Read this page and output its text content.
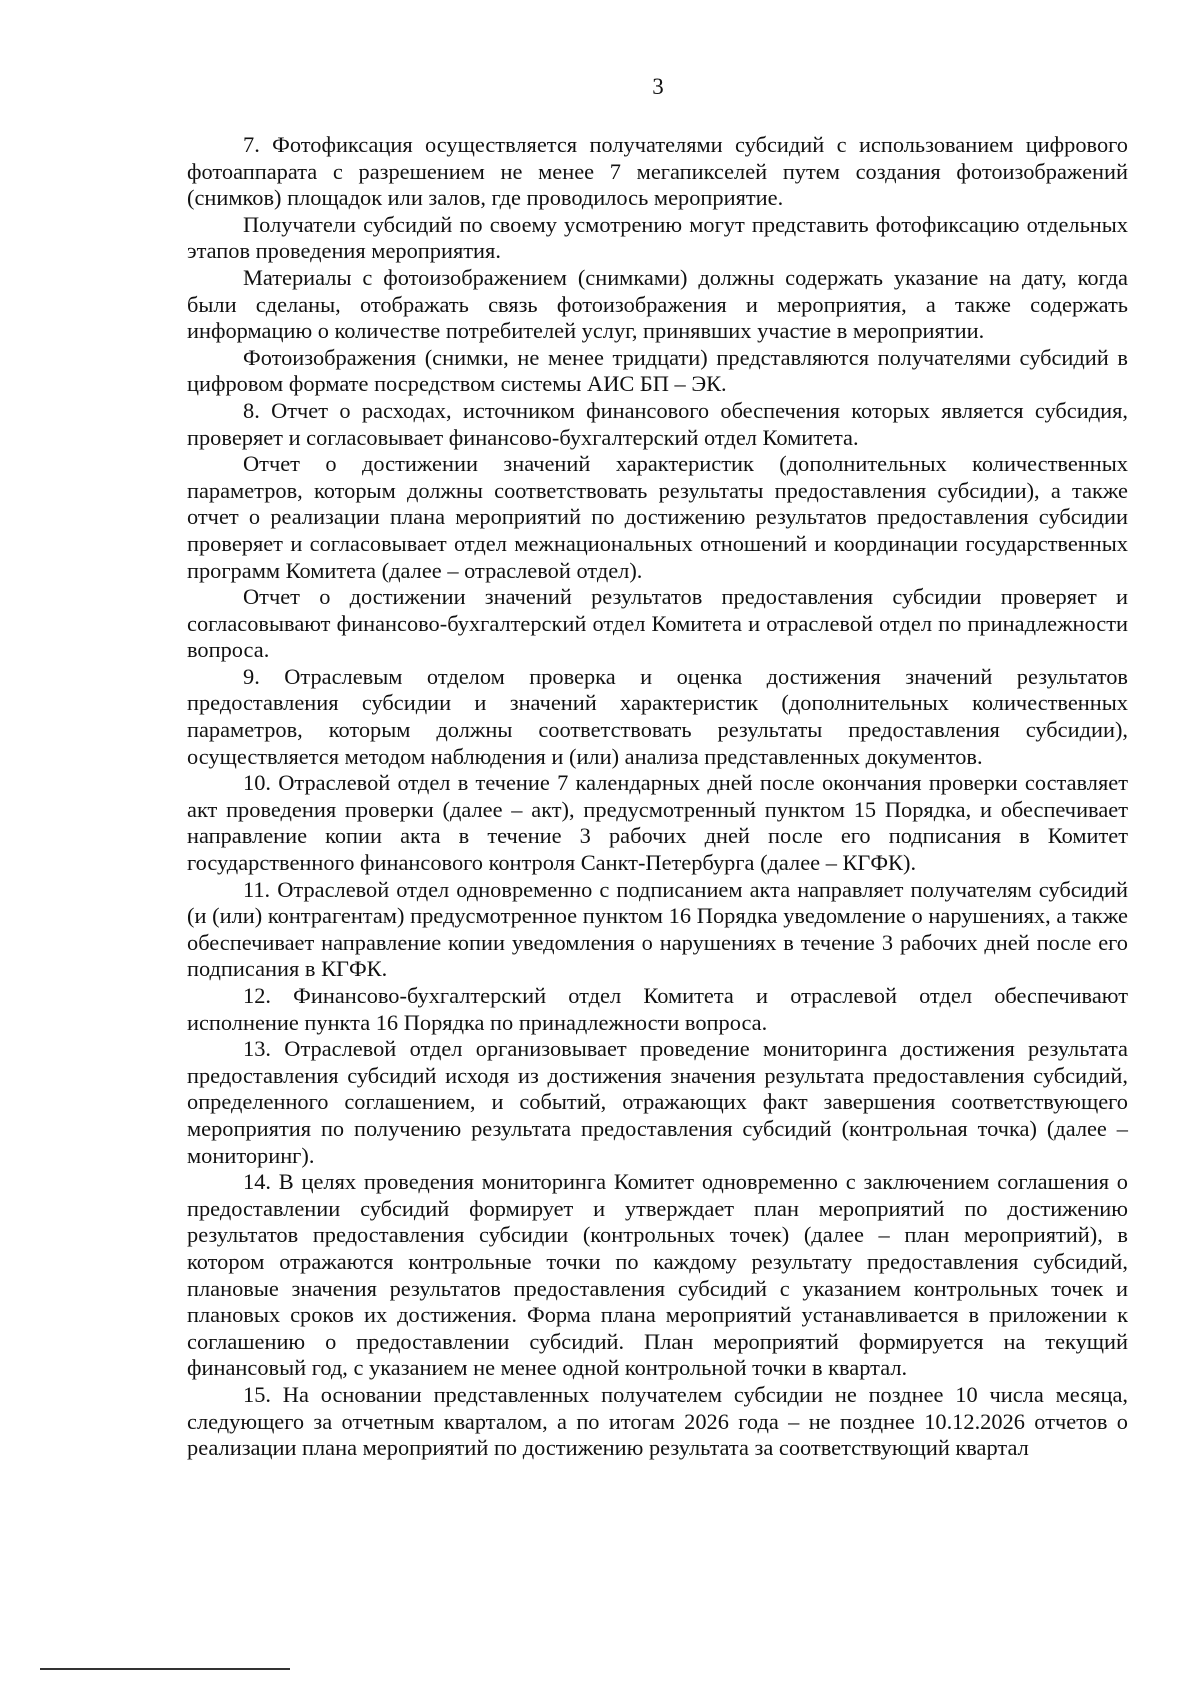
3

7. Фотофиксация осуществляется получателями субсидий с использованием цифрового фотоаппарата с разрешением не менее 7 мегапикселей путем создания фотоизображений (снимков) площадок или залов, где проводилось мероприятие.

Получатели субсидий по своему усмотрению могут представить фотофиксацию отдельных этапов проведения мероприятия.

Материалы с фотоизображением (снимками) должны содержать указание на дату, когда были сделаны, отображать связь фотоизображения и мероприятия, а также содержать информацию о количестве потребителей услуг, принявших участие в мероприятии.

Фотоизображения (снимки, не менее тридцати) представляются получателями субсидий в цифровом формате посредством системы АИС БП – ЭК.

8. Отчет о расходах, источником финансового обеспечения которых является субсидия, проверяет и согласовывает финансово-бухгалтерский отдел Комитета.

Отчет о достижении значений характеристик (дополнительных количественных параметров, которым должны соответствовать результаты предоставления субсидии), а также отчет о реализации плана мероприятий по достижению результатов предоставления субсидии проверяет и согласовывает отдел межнациональных отношений и координации государственных программ Комитета (далее – отраслевой отдел).

Отчет о достижении значений результатов предоставления субсидии проверяет и согласовывают финансово-бухгалтерский отдел Комитета и отраслевой отдел по принадлежности вопроса.

9. Отраслевым отделом проверка и оценка достижения значений результатов предоставления субсидии и значений характеристик (дополнительных количественных параметров, которым должны соответствовать результаты предоставления субсидии), осуществляется методом наблюдения и (или) анализа представленных документов.

10. Отраслевой отдел в течение 7 календарных дней после окончания проверки составляет акт проведения проверки (далее – акт), предусмотренный пунктом 15 Порядка, и обеспечивает направление копии акта в течение 3 рабочих дней после его подписания в Комитет государственного финансового контроля Санкт-Петербурга (далее – КГФК).

11. Отраслевой отдел одновременно с подписанием акта направляет получателям субсидий (и (или) контрагентам) предусмотренное пунктом 16 Порядка уведомление о нарушениях, а также обеспечивает направление копии уведомления о нарушениях в течение 3 рабочих дней после его подписания в КГФК.

12. Финансово-бухгалтерский отдел Комитета и отраслевой отдел обеспечивают исполнение пункта 16 Порядка по принадлежности вопроса.

13. Отраслевой отдел организовывает проведение мониторинга достижения результата предоставления субсидий исходя из достижения значения результата предоставления субсидий, определенного соглашением, и событий, отражающих факт завершения соответствующего мероприятия по получению результата предоставления субсидий (контрольная точка) (далее – мониторинг).

14. В целях проведения мониторинга Комитет одновременно с заключением соглашения о предоставлении субсидий формирует и утверждает план мероприятий по достижению результатов предоставления субсидии (контрольных точек) (далее – план мероприятий), в котором отражаются контрольные точки по каждому результату предоставления субсидий, плановые значения результатов предоставления субсидий с указанием контрольных точек и плановых сроков их достижения. Форма плана мероприятий устанавливается в приложении к соглашению о предоставлении субсидий. План мероприятий формируется на текущий финансовый год, с указанием не менее одной контрольной точки в квартал.

15. На основании представленных получателем субсидии не позднее 10 числа месяца, следующего за отчетным кварталом, а по итогам 2026 года – не позднее 10.12.2026 отчетов о реализации плана мероприятий по достижению результата за соответствующий квартал
